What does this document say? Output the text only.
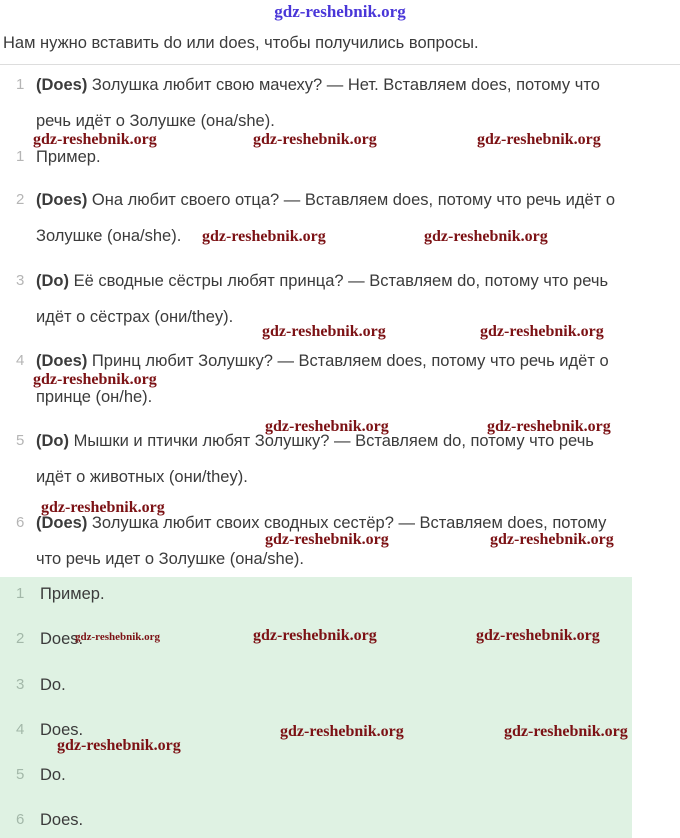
gdz-reshebnik.org
Нам нужно вставить do или does, чтобы получились вопросы.
1 (Does) Золушка любит свою мачеху? — Нет. Вставляем does, потому что
речь идёт о Золушке (она/she).
1 Пример.
2 (Does) Она любит своего отца? — Вставляем does, потому что речь идёт о
Золушке (она/she).
3 (Do) Её сводные сёстры любят принца? — Вставляем do, потому что речь
идёт о сёстрах (они/they).
4 (Does) Принц любит Золушку? — Вставляем does, потому что речь идёт о
принце (он/he).
5 (Do) Мышки и птички любят Золушку? — Вставляем do, потому что речь
идёт о животных (они/they).
6 (Does) Золушка любит своих сводных сестёр? — Вставляем does, потому
что речь идет о Золушке (она/she).
1 Пример.
2 Does.
3 Do.
4 Does.
5 Do.
6 Does.
gdz-reshebnik.org	gdz-reshebnik.org	gdz-reshebnik.org
gdz-reshebnik.org	gdz-reshebnik.org
gdz-reshebnik.org	gdz-reshebnik.org
gdz-reshebnik.org
gdz-reshebnik.org	gdz-reshebnik.org
gdz-reshebnik.org
gdz-reshebnik.org	gdz-reshebnik.org
gdz-reshebnik.org	gdz-reshebnik.org	gdz-reshebnik.org
gdz-reshebnik.org	gdz-reshebnik.org
gdz-reshebnik.org
